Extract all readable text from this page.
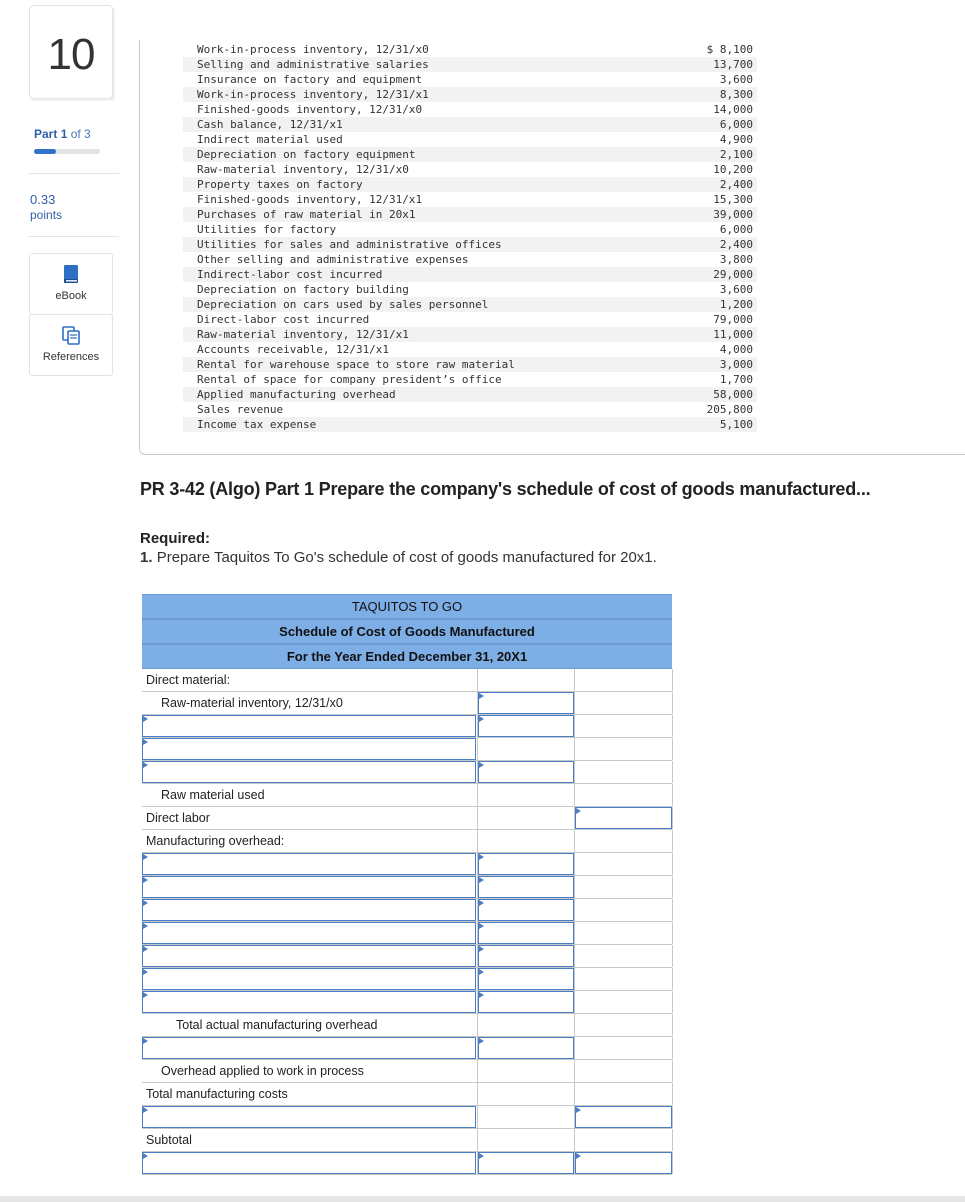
10
Part 1 of 3
0.33
points
eBook
References
Work-in-process inventory, 12/31/x0	$ 8,100
Selling and administrative salaries	13,700
Insurance on factory and equipment	3,600
Work-in-process inventory, 12/31/x1	8,300
Finished-goods inventory, 12/31/x0	14,000
Cash balance, 12/31/x1	6,000
Indirect material used	4,900
Depreciation on factory equipment	2,100
Raw-material inventory, 12/31/x0	10,200
Property taxes on factory	2,400
Finished-goods inventory, 12/31/x1	15,300
Purchases of raw material in 20x1	39,000
Utilities for factory	6,000
Utilities for sales and administrative offices	2,400
Other selling and administrative expenses	3,800
Indirect-labor cost incurred	29,000
Depreciation on factory building	3,600
Depreciation on cars used by sales personnel	1,200
Direct-labor cost incurred	79,000
Raw-material inventory, 12/31/x1	11,000
Accounts receivable, 12/31/x1	4,000
Rental for warehouse space to store raw material	3,000
Rental of space for company president’s office	1,700
Applied manufacturing overhead	58,000
Sales revenue	205,800
Income tax expense	5,100
PR 3-42 (Algo) Part 1 Prepare the company's schedule of cost of goods manufactured...
Required:
1. Prepare Taquitos To Go's schedule of cost of goods manufactured for 20x1.
TAQUITOS TO GO
Schedule of Cost of Goods Manufactured
For the Year Ended December 31, 20X1
Direct material:
Raw-material inventory, 12/31/x0
Raw material used
Direct labor
Manufacturing overhead:
Total actual manufacturing overhead
Overhead applied to work in process
Total manufacturing costs
Subtotal
